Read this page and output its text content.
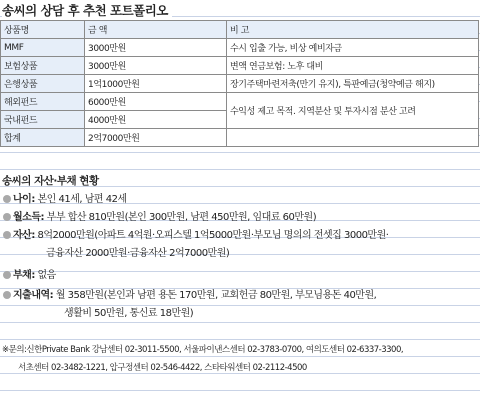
송씨의 상담 후 추천 포트폴리오
상품명	금 액	비 고
MMF	3000만원	수시 입출 가능, 비상 예비자금
보험상품	3000만원	변액 연금보험: 노후 대비
은행상품	1억1000만원	장기주택마련저축(만기 유지), 특판예금(청약예금 해지)
해외펀드	6000만원	수익성 제고 목적. 지역분산 및 투자시점 분산 고려
국내펀드	4000만원	
합계	2억7000만원	
송씨의 자산·부채 현황
나이: 본인 41세, 남편 42세
월소득: 부부 합산 810만원(본인 300만원, 남편 450만원, 임대료 60만원)
자산: 8억2000만원(아파트 4억원·오피스텔 1억5000만원·부모님 명의의 전셋집 3000만원·
금융자산 2000만원·금융자산 2억7000만원)
부채: 없음
지출내역: 월 358만원(본인과 남편 용돈 170만원, 교회헌금 80만원, 부모님용돈 40만원,
생활비 50만원, 통신료 18만원)
※문의:신한Private Bank 강남센터 02-3011-5500, 서울파이낸스센터 02-3783-0700, 여의도센터 02-6337-3300,
서초센터 02-3482-1221, 압구정센터 02-546-4422, 스타타워센터 02-2112-4500
